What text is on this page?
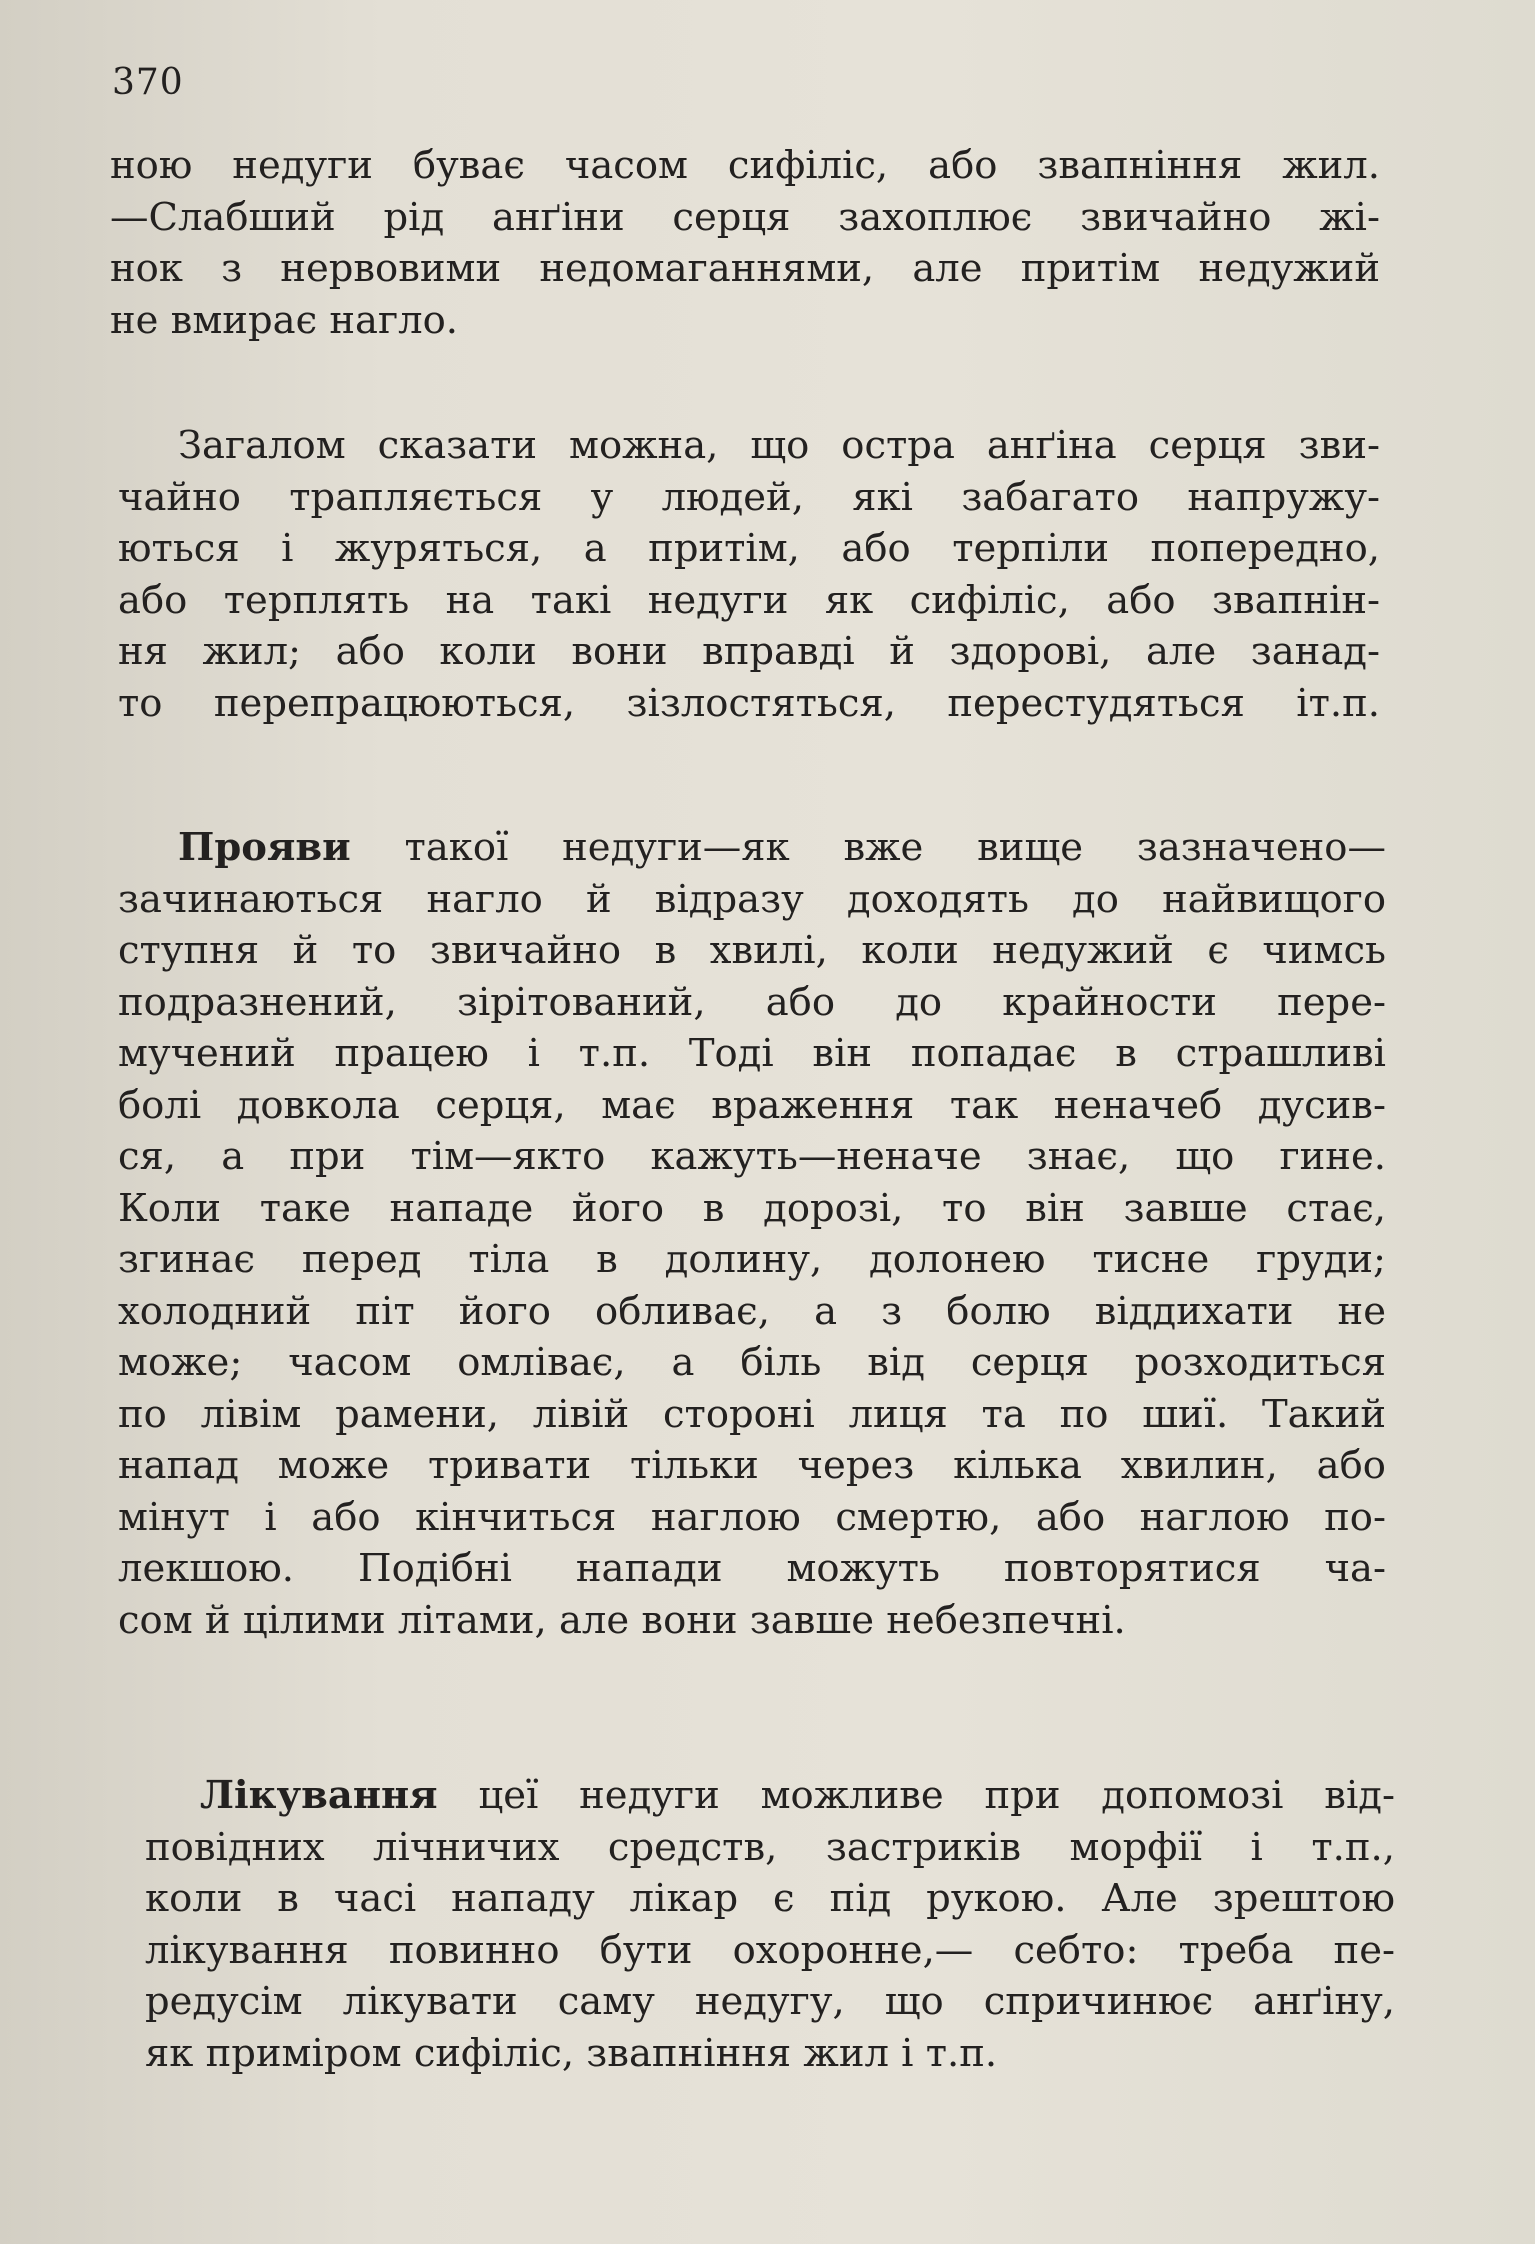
370
ною недуги буває часом сифіліс, або звапніння жил.
—Слабший рід анґіни серця захоплює звичайно жі-
нок з нервовими недомаганнями, але притім недужий
не вмирає нагло.
Загалом сказати можна, що остра анґіна серця зви-
чайно трапляється у людей, які забагато напружу-
ються і журяться, а притім, або терпіли попередно,
або терплять на такі недуги як сифіліс, або звапнін-
ня жил; або коли вони вправді й здорові, але занад-
то перепрацюються, зізлостяться, перестудяться іт.п.
Прояви такої недуги—як вже вище зазначено—
зачинаються нагло й відразу доходять до найвищого
ступня й то звичайно в хвилі, коли недужий є чимсь
подразнений, зірітований, або до крайности пере-
мучений працею і т.п. Тоді він попадає в страшливі
болі довкола серця, має враження так неначеб дусив-
ся, а при тім—якто кажуть—неначе знає, що гине.
Коли таке нападе його в дорозі, то він завше стає,
згинає перед тіла в долину, долонею тисне груди;
холодний піт його обливає, а з болю віддихати не
може; часом омліває, а біль від серця розходиться
по лівім рамени, лівій стороні лиця та по шиї. Такий
напад може тривати тільки через кілька хвилин, або
мінут і або кінчиться наглою смертю, або наглою по-
лекшою. Подібні напади можуть повторятися ча-
сом й цілими літами, але вони завше небезпечні.
Лікування цеї недуги можливе при допомозі від-
повідних лічничих средств, застриків морфії і т.п.,
коли в часі нападу лікар є під рукою. Але зрештою
лікування повинно бути охоронне,— себто: треба пе-
редусім лікувати саму недугу, що спричинює анґіну,
як приміром сифіліс, звапніння жил і т.п.
